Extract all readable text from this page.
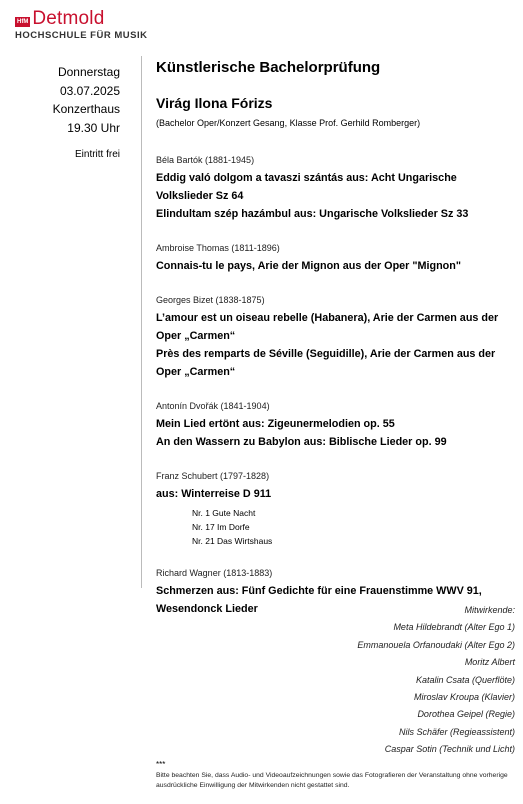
HfM Detmold
HOCHSCHULE FÜR MUSIK
Donnerstag
03.07.2025
Konzerthaus
19.30 Uhr
Eintritt frei
Künstlerische Bachelorprüfung
Virág Ilona Fórizs
(Bachelor Oper/Konzert Gesang, Klasse Prof. Gerhild Romberger)
Béla Bartók (1881-1945)
Eddig való dolgom a tavaszi szántás aus: Acht Ungarische Volkslieder Sz 64
Elindultam szép hazámbul aus: Ungarische Volkslieder Sz 33
Ambroise Thomas (1811-1896)
Connais-tu le pays, Arie der Mignon aus der Oper "Mignon"
Georges Bizet (1838-1875)
L’amour est un oiseau rebelle (Habanera), Arie der Carmen aus der Oper „Carmen“
Près des remparts de Séville (Seguidille), Arie der Carmen aus der Oper „Carmen“
Antonín Dvořák (1841-1904)
Mein Lied ertönt aus: Zigeunermelodien op. 55
An den Wassern zu Babylon aus: Biblische Lieder op. 99
Franz Schubert (1797-1828)
aus: Winterreise D 911
Nr. 1 Gute Nacht
Nr. 17 Im Dorfe
Nr. 21 Das Wirtshaus
Richard Wagner (1813-1883)
Schmerzen aus: Fünf Gedichte für eine Frauenstimme WWV 91, Wesendonck Lieder	Mitwirkende:
Meta Hildebrandt (Alter Ego 1)
Emmanouela Orfanoudaki (Alter Ego 2)
Moritz Albert
Katalin Csata (Querflöte)
Miroslav Kroupa (Klavier)
Dorothea Geipel (Regie)
Nils Schäfer (Regieassistent)
Caspar Sotin (Technik und Licht)
***
Bitte beachten Sie, dass Audio- und Videoaufzeichnungen sowie das Fotografieren der Veranstaltung ohne vorherige ausdrückliche Einwilligung der Mitwirkenden nicht gestattet sind.
